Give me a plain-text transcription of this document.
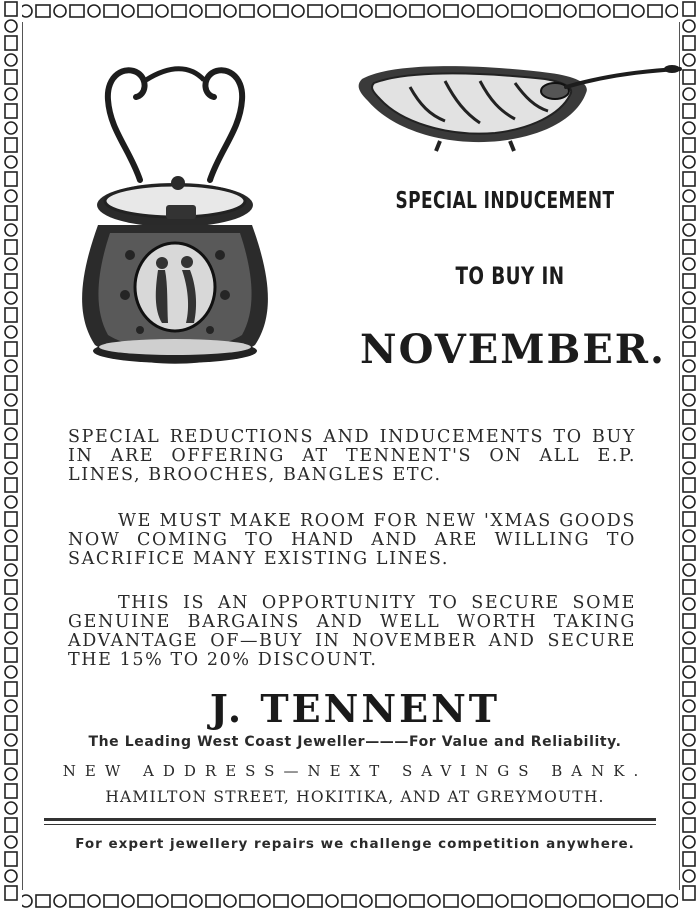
SPECIAL INDUCEMENT
TO BUY IN
NOVEMBER.
SPECIAL REDUCTIONS AND INDUCEMENTS TO BUY IN ARE OFFERING AT TENNENT'S ON ALL E.P. LINES, BROOCHES, BANGLES ETC.
WE MUST MAKE ROOM FOR NEW 'XMAS GOODS NOW COMING TO HAND AND ARE WILLING TO SACRIFICE MANY EXISTING LINES.
THIS IS AN OPPORTUNITY TO SECURE SOME GENUINE BARGAINS AND WELL WORTH TAKING ADVANTAGE OF—BUY IN NOVEMBER AND SECURE THE 15% TO 20% DISCOUNT.
J. TENNENT
The Leading West Coast Jeweller———For Value and Reliability.
NEW ADDRESS—NEXT SAVINGS BANK.
HAMILTON STREET, HOKITIKA, AND AT GREYMOUTH.
For expert jewellery repairs we challenge competition anywhere.
